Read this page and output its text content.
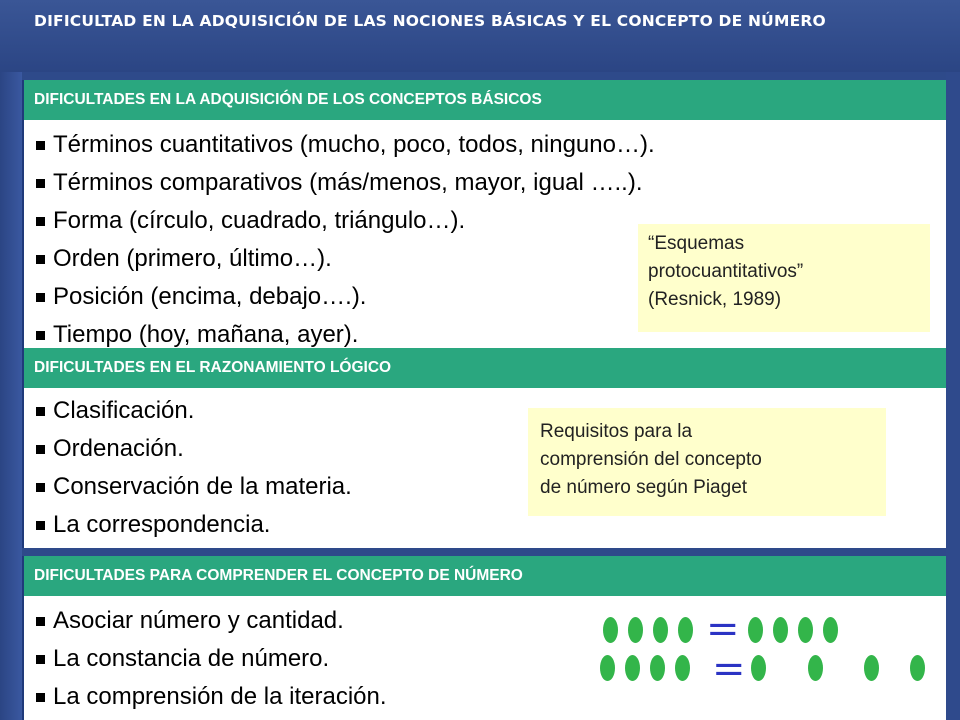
DIFICULTAD EN LA ADQUISICIÓN DE LAS NOCIONES BÁSICAS Y EL CONCEPTO DE NÚMERO
DIFICULTADES EN LA ADQUISICIÓN DE LOS CONCEPTOS BÁSICOS
Términos cuantitativos (mucho, poco, todos, ninguno…).
Términos comparativos (más/menos, mayor, igual …..).
Forma (círculo, cuadrado, triángulo…).
Orden (primero, último…).
Posición (encima, debajo….).
Tiempo (hoy, mañana, ayer).
“Esquemas
protocuantitativos”
(Resnick, 1989)
DIFICULTADES EN EL RAZONAMIENTO LÓGICO
Clasificación.
Ordenación.
Conservación de la materia.
La correspondencia.
Requisitos para la
comprensión del concepto
de número según Piaget
DIFICULTADES PARA COMPRENDER EL CONCEPTO DE NÚMERO
Asociar número y cantidad.
La constancia de número.
La comprensión de la iteración.
=
=
